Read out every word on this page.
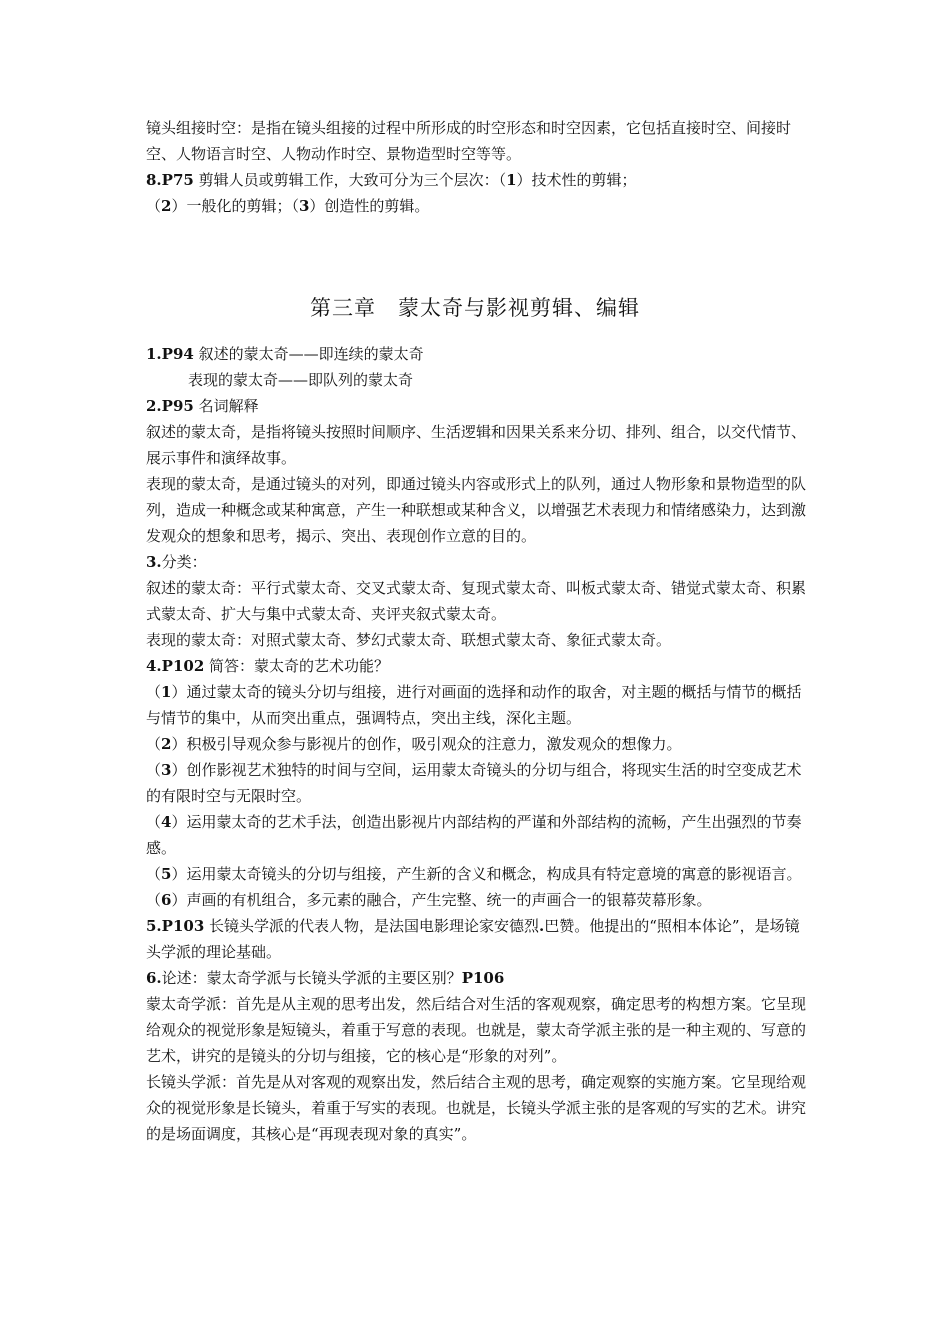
镜头组接时空：是指在镜头组接的过程中所形成的时空形态和时空因素，它包括直接时空、间接时空、人物语言时空、人物动作时空、景物造型时空等等。

8.P75 剪辑人员或剪辑工作，大致可分为三个层次：（1）技术性的剪辑；

（2）一般化的剪辑；（3）创造性的剪辑。

第三章　蒙太奇与影视剪辑、编辑

1.P94 叙述的蒙太奇——即连续的蒙太奇

表现的蒙太奇——即队列的蒙太奇

2.P95 名词解释

叙述的蒙太奇，是指将镜头按照时间顺序、生活逻辑和因果关系来分切、排列、组合，以交代情节、展示事件和演绎故事。

表现的蒙太奇，是通过镜头的对列，即通过镜头内容或形式上的队列，通过人物形象和景物造型的队列，造成一种概念或某种寓意，产生一种联想或某种含义，以增强艺术表现力和情绪感染力，达到激发观众的想象和思考，揭示、突出、表现创作立意的目的。

3.分类：

叙述的蒙太奇：平行式蒙太奇、交叉式蒙太奇、复现式蒙太奇、叫板式蒙太奇、错觉式蒙太奇、积累式蒙太奇、扩大与集中式蒙太奇、夹评夹叙式蒙太奇。

表现的蒙太奇：对照式蒙太奇、梦幻式蒙太奇、联想式蒙太奇、象征式蒙太奇。

4.P102 简答：蒙太奇的艺术功能？

（1）通过蒙太奇的镜头分切与组接，进行对画面的选择和动作的取舍，对主题的概括与情节的概括与情节的集中，从而突出重点，强调特点，突出主线，深化主题。

（2）积极引导观众参与影视片的创作，吸引观众的注意力，激发观众的想像力。

（3）创作影视艺术独特的时间与空间，运用蒙太奇镜头的分切与组合，将现实生活的时空变成艺术的有限时空与无限时空。

（4）运用蒙太奇的艺术手法，创造出影视片内部结构的严谨和外部结构的流畅，产生出强烈的节奏感。

（5）运用蒙太奇镜头的分切与组接，产生新的含义和概念，构成具有特定意境的寓意的影视语言。

（6）声画的有机组合，多元素的融合，产生完整、统一的声画合一的银幕荧幕形象。

5.P103 长镜头学派的代表人物，是法国电影理论家安德烈.巴赞。他提出的“照相本体论”，是场镜头学派的理论基础。

6.论述：蒙太奇学派与长镜头学派的主要区别？P106

蒙太奇学派：首先是从主观的思考出发，然后结合对生活的客观观察，确定思考的构想方案。它呈现给观众的视觉形象是短镜头，着重于写意的表现。也就是，蒙太奇学派主张的是一种主观的、写意的艺术，讲究的是镜头的分切与组接，它的核心是“形象的对列”。

长镜头学派：首先是从对客观的观察出发，然后结合主观的思考，确定观察的实施方案。它呈现给观众的视觉形象是长镜头，着重于写实的表现。也就是，长镜头学派主张的是客观的写实的艺术。讲究的是场面调度，其核心是“再现表现对象的真实”。
